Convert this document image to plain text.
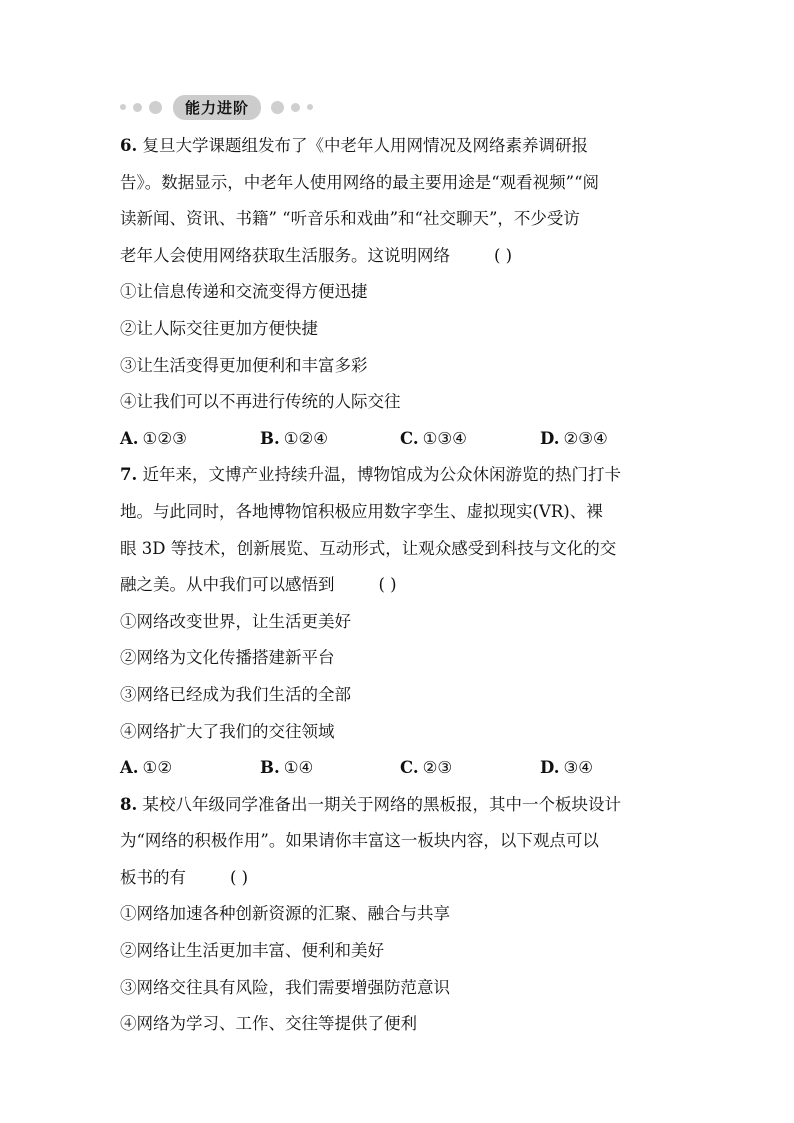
能力进阶
6. 复旦大学课题组发布了《中老年人用网情况及网络素养调研报
告》。数据显示，中老年人使用网络的最主要用途是“观看视频”“阅
读新闻、资讯、书籍” “听音乐和戏曲”和“社交聊天”，不少受访
老年人会使用网络获取生活服务。这说明网络	( )
①让信息传递和交流变得方便迅捷
②让人际交往更加方便快捷
③让生活变得更加便利和丰富多彩
④让我们可以不再进行传统的人际交往
A. ①②③	B. ①②④	C. ①③④	D. ②③④
7. 近年来，文博产业持续升温，博物馆成为公众休闲游览的热门打卡
地。与此同时，各地博物馆积极应用数字孪生、虚拟现实(VR)、裸
眼 3D 等技术，创新展览、互动形式，让观众感受到科技与文化的交
融之美。从中我们可以感悟到	( )
①网络改变世界，让生活更美好
②网络为文化传播搭建新平台
③网络已经成为我们生活的全部
④网络扩大了我们的交往领域
A. ①②	B. ①④	C. ②③	D. ③④
8. 某校八年级同学准备出一期关于网络的黑板报，其中一个板块设计
为“网络的积极作用”。如果请你丰富这一板块内容，以下观点可以
板书的有	( )
①网络加速各种创新资源的汇聚、融合与共享
②网络让生活更加丰富、便利和美好
③网络交往具有风险，我们需要增强防范意识
④网络为学习、工作、交往等提供了便利
